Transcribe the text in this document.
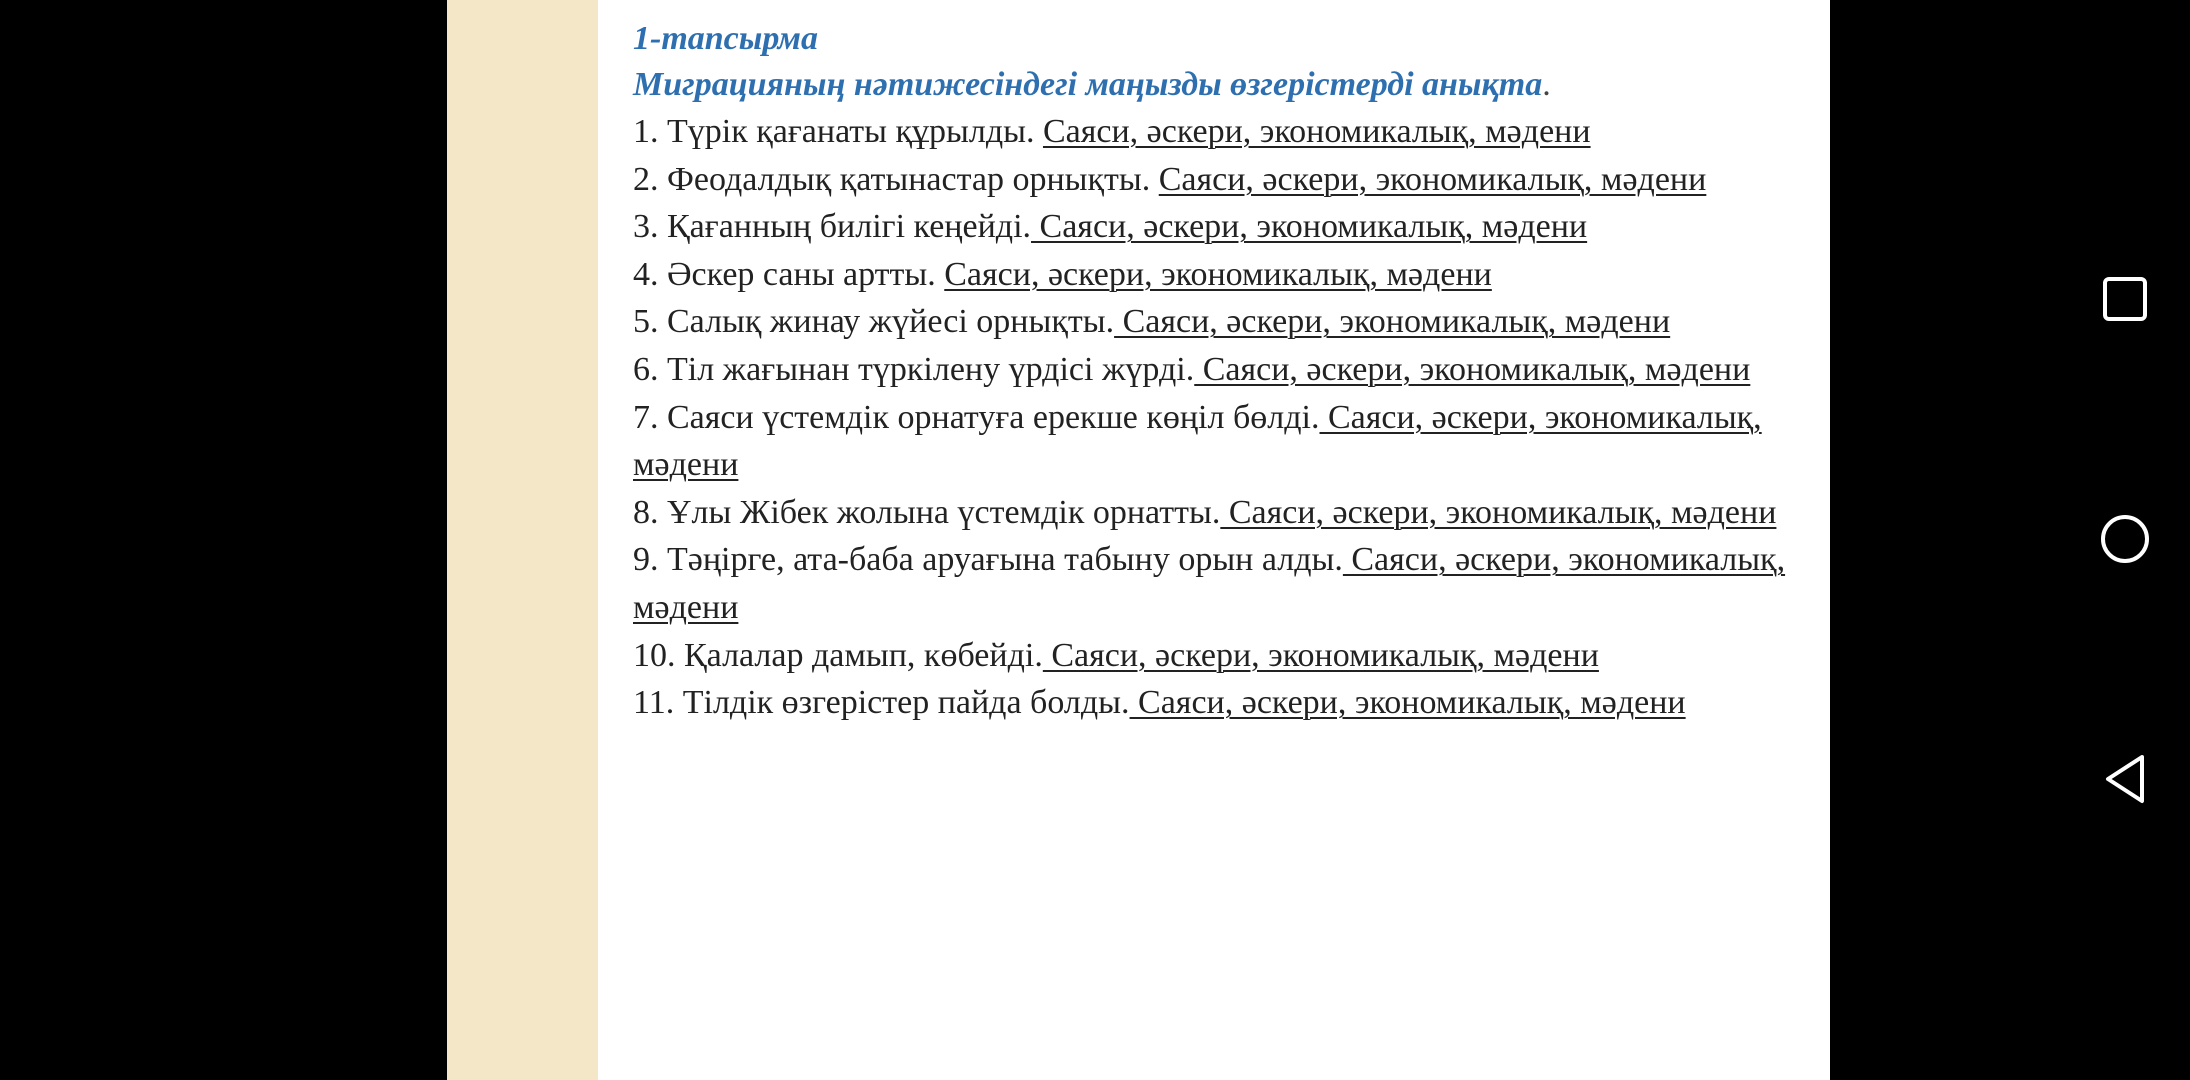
1-тапсырма
Миграцияның нәтижесіндегі маңызды өзгерістерді анықта.
1. Түрік қағанаты құрылды. Саяси, әскери, экономикалық, мәдени
2. Феодалдық қатынастар орнықты. Саяси, әскери, экономикалық, мәдени
3. Қағанның билігі кеңейді. Саяси, әскери, экономикалық, мәдени
4. Әскер саны артты. Саяси, әскери, экономикалық, мәдени
5. Салық жинау жүйесі орнықты. Саяси, әскери, экономикалық, мәдени
6. Тіл жағынан түркілену үрдісі жүрді. Саяси, әскери, экономикалық, мәдени
7. Саяси үстемдік орнатуға ерекше көңіл бөлді. Саяси, әскери, экономикалық, мәдени
8. Ұлы Жібек жолына үстемдік орнатты. Саяси, әскери, экономикалық, мәдени
9. Тәңірге, ата-баба аруағына табыну орын алды. Саяси, әскери, экономикалық, мәдени
10. Қалалар дамып, көбейді. Саяси, әскери, экономикалық, мәдени
11. Тілдік өзгерістер пайда болды. Саяси, әскери, экономикалық, мәдени
